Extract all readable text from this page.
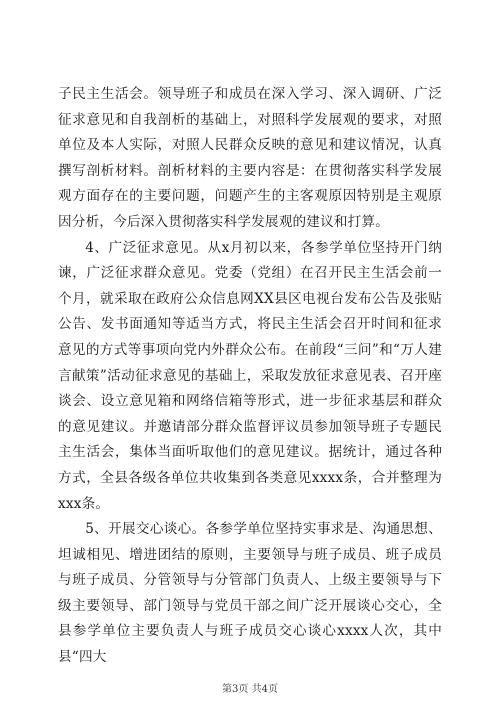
子民主生活会。领导班子和成员在深入学习、深入调研、广泛征求意见和自我剖析的基础上，对照科学发展观的要求，对照单位及本人实际，对照人民群众反映的意见和建议情况，认真撰写剖析材料。剖析材料的主要内容是：在贯彻落实科学发展观方面存在的主要问题，问题产生的主客观原因特别是主观原因分析，今后深入贯彻落实科学发展观的建议和打算。

4、广泛征求意见。从x月初以来，各参学单位坚持开门纳谏，广泛征求群众意见。党委（党组）在召开民主生活会前一个月，就采取在政府公众信息网XX县区电视台发布公告及张贴公告、发书面通知等适当方式，将民主生活会召开时间和征求意见的方式等事项向党内外群众公布。在前段“三问”和“万人建言献策”活动征求意见的基础上，采取发放征求意见表、召开座谈会、设立意见箱和网络信箱等形式，进一步征求基层和群众的意见建议。并邀请部分群众监督评议员参加领导班子专题民主生活会，集体当面听取他们的意见建议。据统计，通过各种方式，全县各级各单位共收集到各类意见xxxx条，合并整理为xxx条。

5、开展交心谈心。各参学单位坚持实事求是、沟通思想、坦诚相见、增进团结的原则，主要领导与班子成员、班子成员与班子成员、分管领导与分管部门负责人、上级主要领导与下级主要领导、部门领导与党员干部之间广泛开展谈心交心，全县参学单位主要负责人与班子成员交心谈心xxxx人次，其中县“四大

第3页 共4页
